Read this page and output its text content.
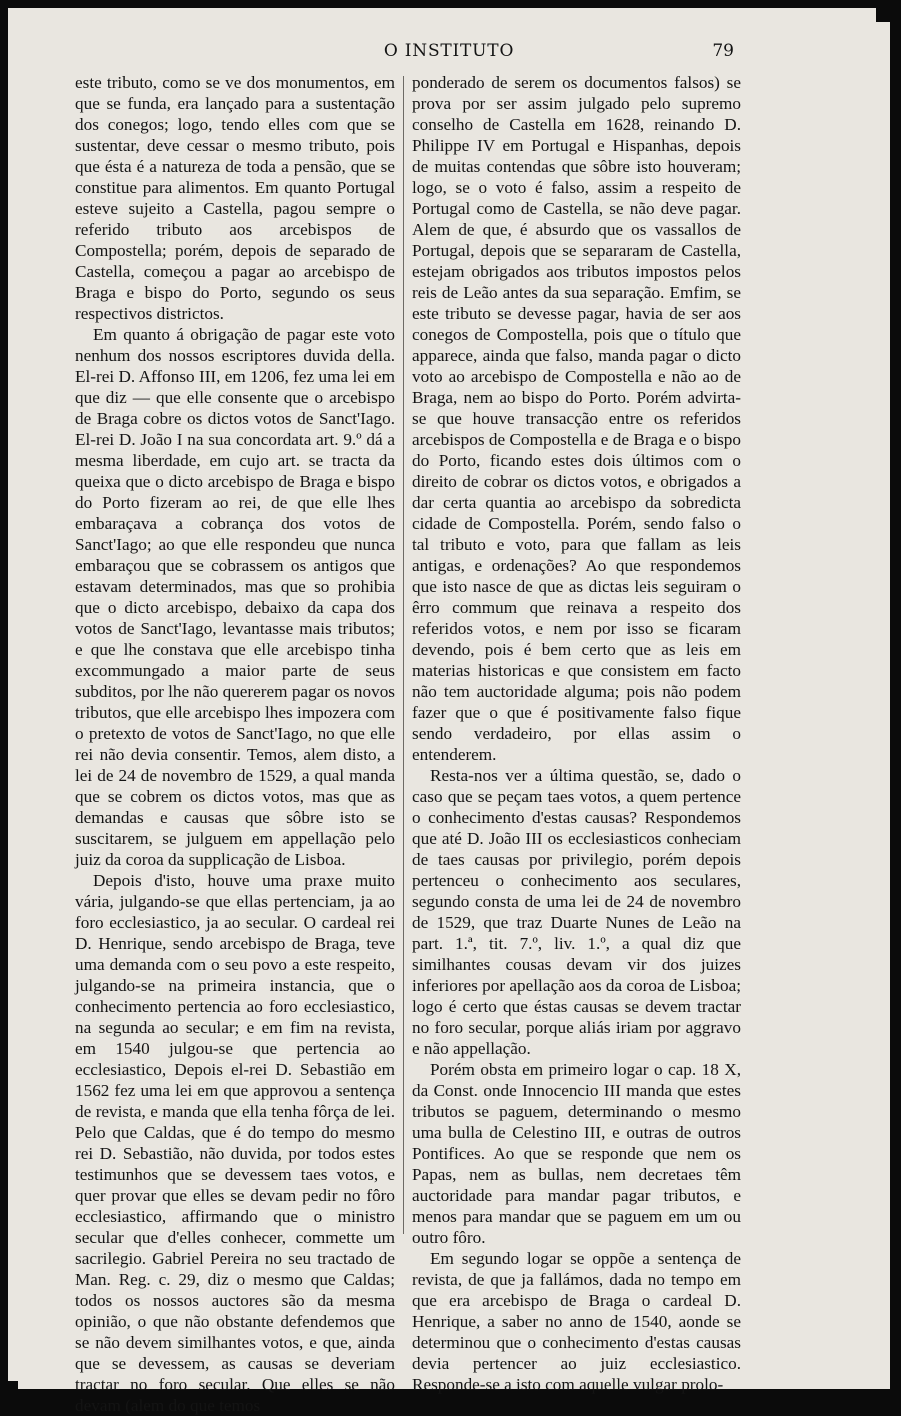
O INSTITUTO	79

este tributo, como se ve dos monumentos, em que se funda, era lançado para a sustentação dos conegos; logo, tendo elles com que se sustentar, deve cessar o mesmo tributo, pois que ésta é a natureza de toda a pensão, que se constitue para alimentos. Em quanto Portugal esteve sujeito a Castella, pagou sempre o referido tributo aos arcebispos de Compostella; porém, depois de separado de Castella, começou a pagar ao arcebispo de Braga e bispo do Porto, segundo os seus respectivos districtos.

Em quanto á obrigação de pagar este voto nenhum dos nossos escriptores duvida della. El-rei D. Affonso III, em 1206, fez uma lei em que diz — que elle consente que o arcebispo de Braga cobre os dictos votos de Sanct'Iago. El-rei D. João I na sua concordata art. 9.º dá a mesma liberdade, em cujo art. se tracta da queixa que o dicto arcebispo de Braga e bispo do Porto fizeram ao rei, de que elle lhes embaraçava a cobrança dos votos de Sanct'Iago; ao que elle respondeu que nunca embaraçou que se cobrassem os antigos que estavam determinados, mas que so prohibia que o dicto arcebispo, debaixo da capa dos votos de Sanct'Iago, levantasse mais tributos; e que lhe constava que elle arcebispo tinha excommungado a maior parte de seus subditos, por lhe não quererem pagar os novos tributos, que elle arcebispo lhes impozera com o pretexto de votos de Sanct'Iago, no que elle rei não devia consentir. Temos, alem disto, a lei de 24 de novembro de 1529, a qual manda que se cobrem os dictos votos, mas que as demandas e causas que sôbre isto se suscitarem, se julguem em appellação pelo juiz da coroa da supplicação de Lisboa.

Depois d'isto, houve uma praxe muito vária, julgando-se que ellas pertenciam, ja ao foro ecclesiastico, ja ao secular. O cardeal rei D. Henrique, sendo arcebispo de Braga, teve uma demanda com o seu povo a este respeito, julgando-se na primeira instancia, que o conhecimento pertencia ao foro ecclesiastico, na segunda ao secular; e em fim na revista, em 1540 julgou-se que pertencia ao ecclesiastico, Depois el-rei D. Sebastião em 1562 fez uma lei em que approvou a sentença de revista, e manda que ella tenha fôrça de lei. Pelo que Caldas, que é do tempo do mesmo rei D. Sebastião, não duvida, por todos estes testimunhos que se devessem taes votos, e quer provar que elles se devam pedir no fôro ecclesiastico, affirmando que o ministro secular que d'elles conhecer, commette um sacrilegio. Gabriel Pereira no seu tractado de Man. Reg. c. 29, diz o mesmo que Caldas; todos os nossos auctores são da mesma opinião, o que não obstante defendemos que se não devem similhantes votos, e que, ainda que se devessem, as causas se deveriam tractar no foro secular. Que elles se não devam (alem do que temos

ponderado de serem os documentos falsos) se prova por ser assim julgado pelo supremo conselho de Castella em 1628, reinando D. Philippe IV em Portugal e Hispanhas, depois de muitas contendas que sôbre isto houveram; logo, se o voto é falso, assim a respeito de Portugal como de Castella, se não deve pagar. Alem de que, é absurdo que os vassallos de Portugal, depois que se separaram de Castella, estejam obrigados aos tributos impostos pelos reis de Leão antes da sua separação. Emfim, se este tributo se devesse pagar, havia de ser aos conegos de Compostella, pois que o título que apparece, ainda que falso, manda pagar o dicto voto ao arcebispo de Compostella e não ao de Braga, nem ao bispo do Porto. Porém advirta-se que houve transacção entre os referidos arcebispos de Compostella e de Braga e o bispo do Porto, ficando estes dois últimos com o direito de cobrar os dictos votos, e obrigados a dar certa quantia ao arcebispo da sobredicta cidade de Compostella. Porém, sendo falso o tal tributo e voto, para que fallam as leis antigas, e ordenações? Ao que respondemos que isto nasce de que as dictas leis seguiram o êrro commum que reinava a respeito dos referidos votos, e nem por isso se ficaram devendo, pois é bem certo que as leis em materias historicas e que consistem em facto não tem auctoridade alguma; pois não podem fazer que o que é positivamente falso fique sendo verdadeiro, por ellas assim o entenderem.

Resta-nos ver a última questão, se, dado o caso que se peçam taes votos, a quem pertence o conhecimento d'estas causas? Respondemos que até D. João III os ecclesiasticos conheciam de taes causas por privilegio, porém depois pertenceu o conhecimento aos seculares, segundo consta de uma lei de 24 de novembro de 1529, que traz Duarte Nunes de Leão na part. 1.ª, tit. 7.º, liv. 1.º, a qual diz que similhantes cousas devam vir dos juizes inferiores por apellação aos da coroa de Lisboa; logo é certo que éstas causas se devem tractar no foro secular, porque aliás iriam por aggravo e não appellação.

Porém obsta em primeiro logar o cap. 18 X, da Const. onde Innocencio III manda que estes tributos se paguem, determinando o mesmo uma bulla de Celestino III, e outras de outros Pontifices. Ao que se responde que nem os Papas, nem as bullas, nem decretaes têm auctoridade para mandar pagar tributos, e menos para mandar que se paguem em um ou outro fôro.

Em segundo logar se oppõe a sentença de revista, de que ja fallámos, dada no tempo em que era arcebispo de Braga o cardeal D. Henrique, a saber no anno de 1540, aonde se determinou que o conhecimento d'estas causas devia pertencer ao juiz ecclesiastico. Responde-se a isto com aquelle vulgar prolo-
